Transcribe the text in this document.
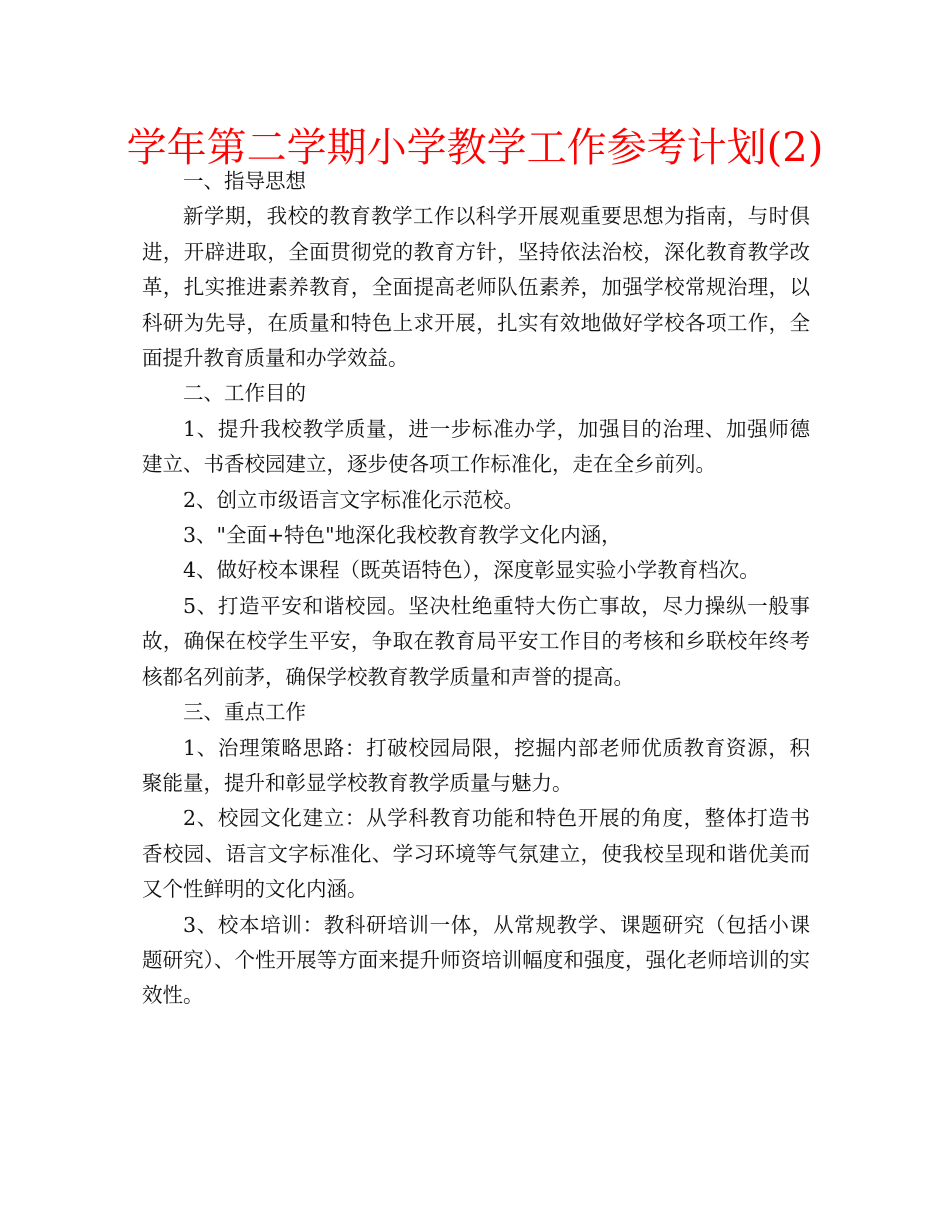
学年第二学期小学教学工作参考计划(2)

一、指导思想

新学期，我校的教育教学工作以科学开展观重要思想为指南，与时俱进，开辟进取，全面贯彻党的教育方针，坚持依法治校，深化教育教学改革，扎实推进素养教育，全面提高老师队伍素养，加强学校常规治理，以科研为先导，在质量和特色上求开展，扎实有效地做好学校各项工作，全面提升教育质量和办学效益。

二、工作目的

1、提升我校教学质量，进一步标准办学，加强目的治理、加强师德建立、书香校园建立，逐步使各项工作标准化，走在全乡前列。

2、创立市级语言文字标准化示范校。

3、"全面+特色"地深化我校教育教学文化内涵，

4、做好校本课程（既英语特色），深度彰显实验小学教育档次。

5、打造平安和谐校园。坚决杜绝重特大伤亡事故，尽力操纵一般事故，确保在校学生平安，争取在教育局平安工作目的考核和乡联校年终考核都名列前茅，确保学校教育教学质量和声誉的提高。

三、重点工作

1、治理策略思路：打破校园局限，挖掘内部老师优质教育资源，积聚能量，提升和彰显学校教育教学质量与魅力。

2、校园文化建立：从学科教育功能和特色开展的角度，整体打造书香校园、语言文字标准化、学习环境等气氛建立，使我校呈现和谐优美而又个性鲜明的文化内涵。

3、校本培训：教科研培训一体，从常规教学、课题研究（包括小课题研究）、个性开展等方面来提升师资培训幅度和强度，强化老师培训的实效性。
